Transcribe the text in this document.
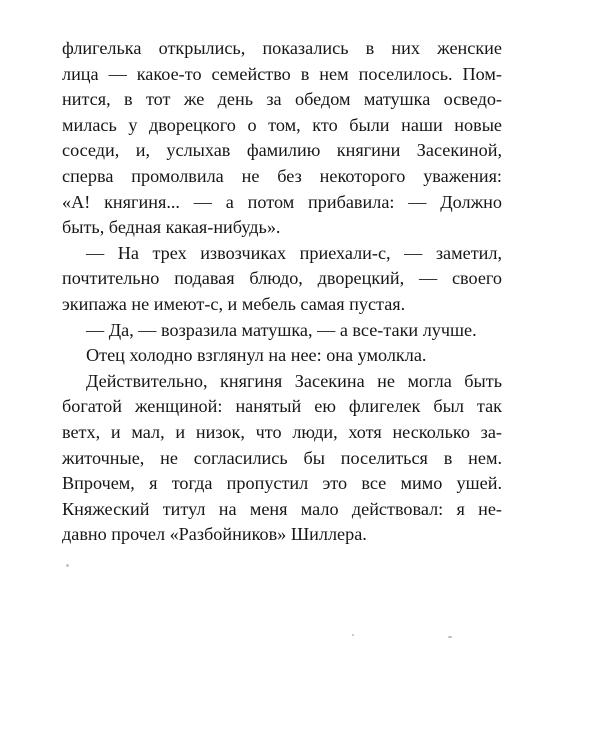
флигелька открылись, показались в них женские
лица — какое-то семейство в нем поселилось. Пом-
нится, в тот же день за обедом матушка осведо-
милась у дворецкого о том, кто были наши новые
соседи, и, услыхав фамилию княгини Засекиной,
сперва промолвила не без некоторого уважения:
«А! княгиня... — а потом прибавила: — Должно
быть, бедная какая-нибудь».
— На трех извозчиках приехали-с, — заметил,
почтительно подавая блюдо, дворецкий, — своего
экипажа не имеют-с, и мебель самая пустая.
— Да, — возразила матушка, — а все-таки лучше.
Отец холодно взглянул на нее: она умолкла.
Действительно, княгиня Засекина не могла быть
богатой женщиной: нанятый ею флигелек был так
ветх, и мал, и низок, что люди, хотя несколько за-
житочные, не согласились бы поселиться в нем.
Впрочем, я тогда пропустил это все мимо ушей.
Княжеский титул на меня мало действовал: я не-
давно прочел «Разбойников» Шиллера.
